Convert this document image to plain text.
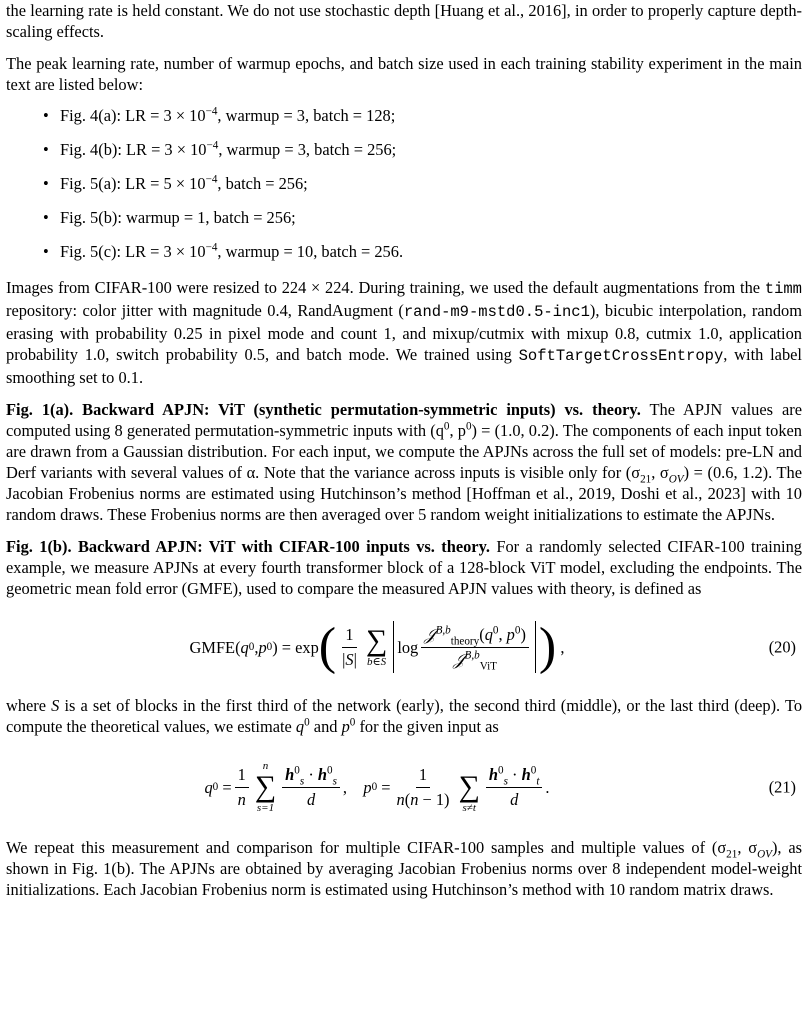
the learning rate is held constant. We do not use stochastic depth [Huang et al., 2016], in order to properly capture depth-scaling effects.

The peak learning rate, number of warmup epochs, and batch size used in each training stability experiment in the main text are listed below:

• Fig. 4(a): LR = $3 \times 10^{-4}$, warmup = 3, batch = 128;
• Fig. 4(b): LR = $3 \times 10^{-4}$, warmup = 3, batch = 256;
• Fig. 5(a): LR = $5 \times 10^{-4}$, batch = 256;
• Fig. 5(b): warmup = 1, batch = 256;
• Fig. 5(c): LR = $3 \times 10^{-4}$, warmup = 10, batch = 256.

Images from CIFAR-100 were resized to 224 × 224. During training, we used the default augmentations from the timm repository: color jitter with magnitude 0.4, RandAugment (rand-m9-mstd0.5-inc1), bicubic interpolation, random erasing with probability 0.25 in pixel mode and count 1, and mixup/cutmix with mixup 0.8, cutmix 1.0, application probability 1.0, switch probability 0.5, and batch mode. We trained using SoftTargetCrossEntropy, with label smoothing set to 0.1.

Fig. 1(a). Backward APJN: ViT (synthetic permutation-symmetric inputs) vs. theory. The APJN values are computed using 8 generated permutation-symmetric inputs with ($q^0$, $p^0) = (1.0$, 0.2). The components of each input token are drawn from a Gaussian distribution. For each input, we compute the APJNs across the full set of models: pre-LN and Derf variants with several values of α. Note that the variance across inputs is visible only for ($\sigma_{21}$, $\sigma_{OV}) = (0.6$, 1.2). The Jacobian Frobenius norms are estimated using Hutchinson’s method [Hoffman et al., 2019, Doshi et al., 2023] with 10 random draws. These Frobenius norms are then averaged over 5 random weight initializations to estimate the APJNs.

Fig. 1(b). Backward APJN: ViT with CIFAR-100 inputs vs. theory. For a randomly selected CIFAR-100 training example, we measure APJNs at every fourth transformer block of a 128-block ViT model, excluding the endpoints. The geometric mean fold error (GMFE), used to compare the measured APJN values with theory, is defined as

GMFE ( q 0 , p 0 ) = exp ( $\frac{1}{|S|}$ ∑
b∈S
$\log \frac{𝒥^{B,b}_{theory}(q^0, p^0)}{𝒥^{B,b}_{ViT}}$ ) ,	(20)

where S is a set of blocks in the first third of the network (early), the second third (middle), or the last third (deep). To compute the theoretical values, we estimate $q^0$ and $p^0$ for the given input as

q $0 = \frac{1}{n}$ n
∑
$s=1 \frac{h^0_s \cdot h^0_s}{d}$ , p $0 = \frac{1}{n(n - 1)}$
∑
$s\ne t \frac{h^0_s \cdot h^0_t}{d}$ .	(21)

We repeat this measurement and comparison for multiple CIFAR-100 samples and multiple values of ($\sigma_{21}$, $\sigma_{OV}$), as shown in Fig. 1(b). The APJNs are obtained by averaging Jacobian Frobenius norms over 8 independent model-weight initializations. Each Jacobian Frobenius norm is estimated using Hutchinson’s method with 10 random matrix draws.
